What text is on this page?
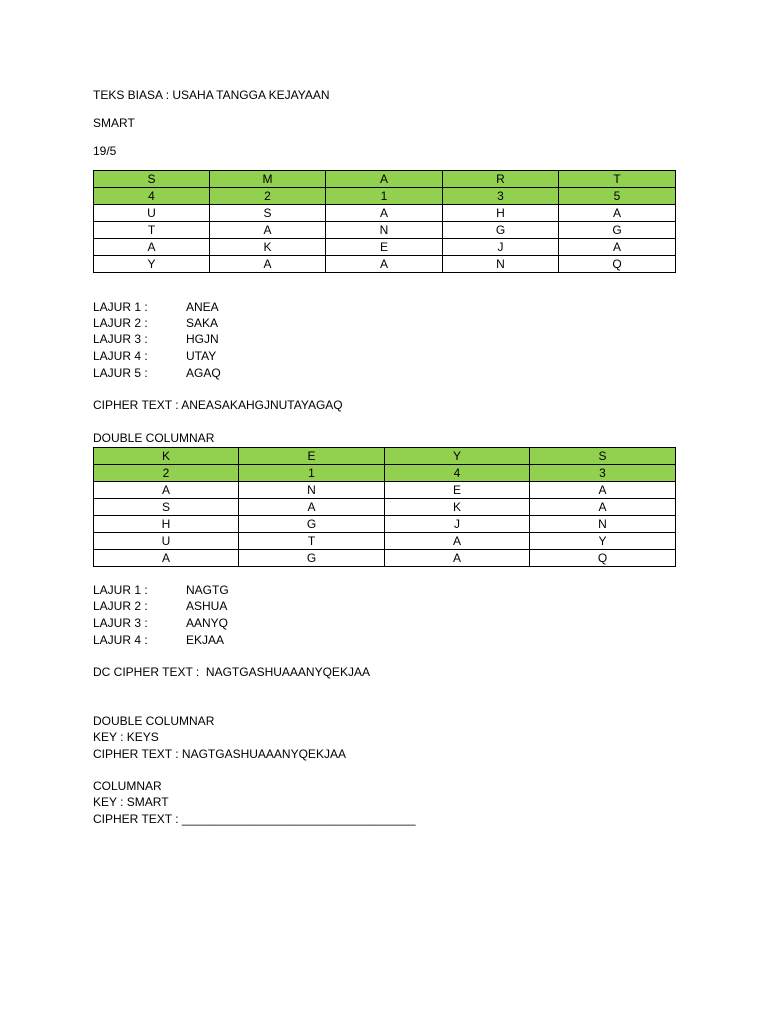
TEKS BIASA : USAHA TANGGA KEJAYAAN
SMART
19/5
S	M	A	R	T
4	2	1	3	5
U	S	A	H	A
T	A	N	G	G
A	K	E	J	A
Y	A	A	N	Q
LAJUR 1 :	ANEA
LAJUR 2 :	SAKA
LAJUR 3 :	HGJN
LAJUR 4 :	UTAY
LAJUR 5 :	AGAQ
CIPHER TEXT : ANEASAKAHGJNUTAYAGAQ
DOUBLE COLUMNAR
K	E	Y	S
2	1	4	3
A	N	E	A
S	A	K	A
H	G	J	N
U	T	A	Y
A	G	A	Q
LAJUR 1 :	NAGTG
LAJUR 2 :	ASHUA
LAJUR 3 :	AANYQ
LAJUR 4 :	EKJAA
DC CIPHER TEXT :  NAGTGASHUAAANYQEKJAA
DOUBLE COLUMNAR
KEY : KEYS
CIPHER TEXT : NAGTGASHUAAANYQEKJAA
COLUMNAR
KEY : SMART
CIPHER TEXT : ___________________________________
